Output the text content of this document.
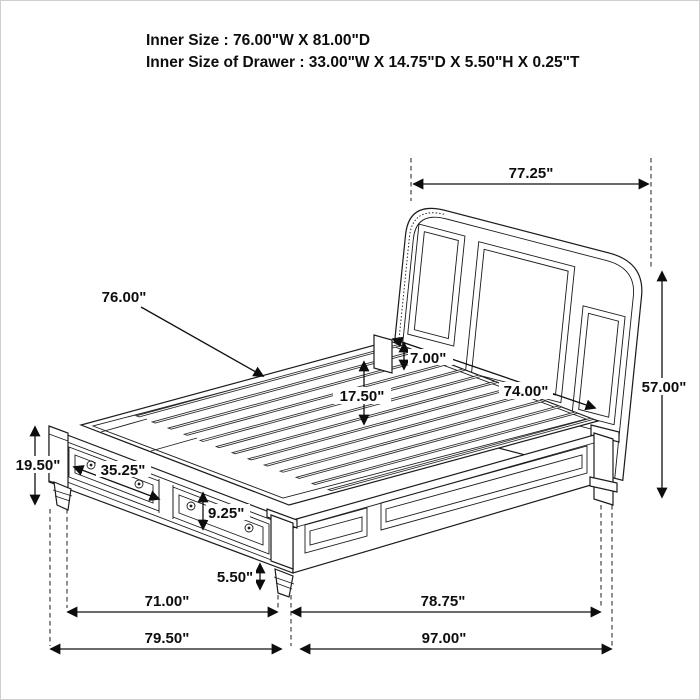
Inner Size : 76.00"W X 81.00"D
Inner Size of Drawer : 33.00"W X 14.75"D X 5.50"H X 0.25"T
77.25"
57.00"
74.00"
7.00"
17.50"
76.00"
19.50"	35.25"
9.25"
5.50"
71.00"	78.75"
79.50"	97.00"
